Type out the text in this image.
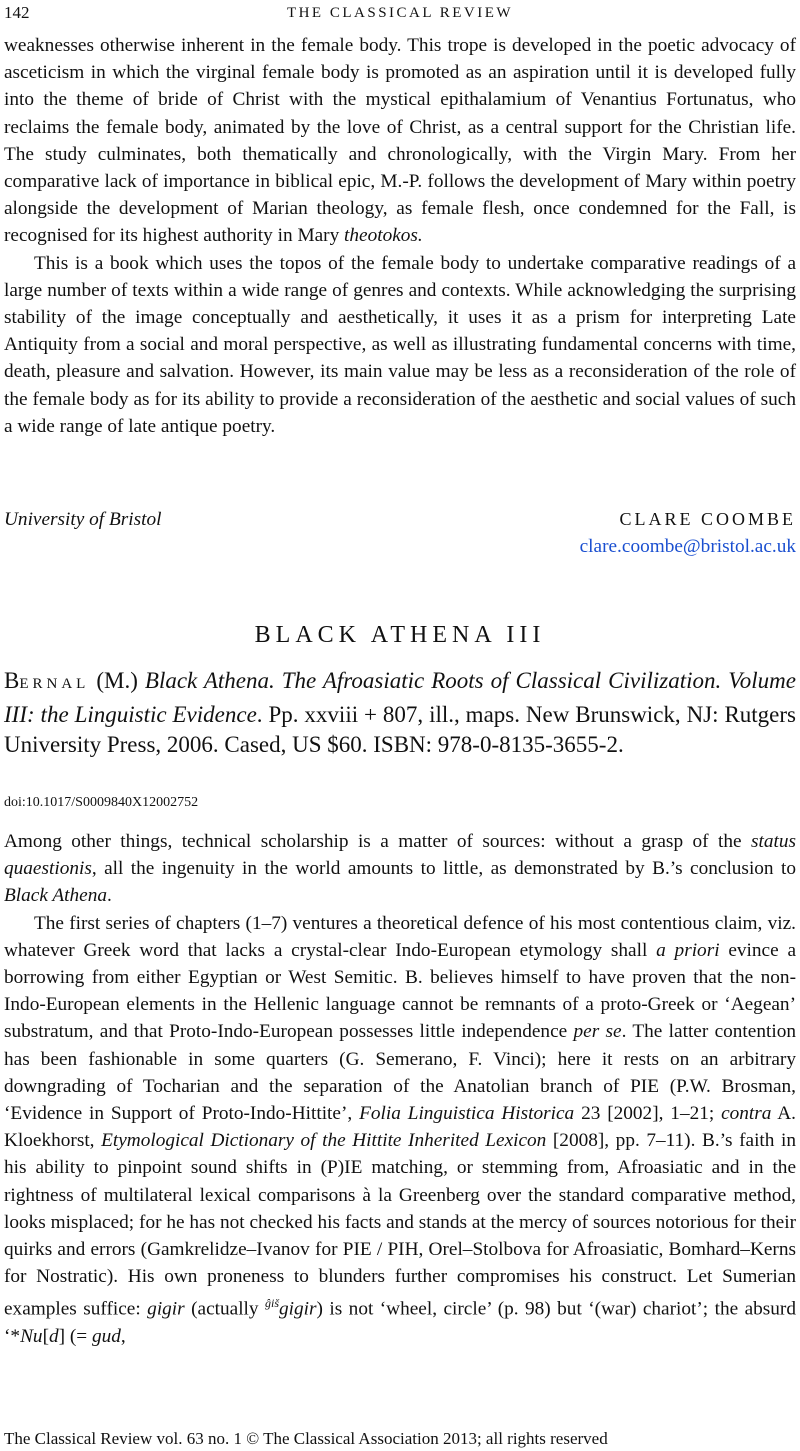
142	THE CLASSICAL REVIEW

weaknesses otherwise inherent in the female body. This trope is developed in the poetic advocacy of asceticism in which the virginal female body is promoted as an aspiration until it is developed fully into the theme of bride of Christ with the mystical epithalamium of Venantius Fortunatus, who reclaims the female body, animated by the love of Christ, as a central support for the Christian life. The study culminates, both thematically and chronologically, with the Virgin Mary. From her comparative lack of importance in biblical epic, M.-P. follows the development of Mary within poetry alongside the development of Marian theology, as female flesh, once condemned for the Fall, is recognised for its highest authority in Mary theotokos.

This is a book which uses the topos of the female body to undertake comparative readings of a large number of texts within a wide range of genres and contexts. While acknowledging the surprising stability of the image conceptually and aesthetically, it uses it as a prism for interpreting Late Antiquity from a social and moral perspective, as well as illustrating fundamental concerns with time, death, pleasure and salvation. However, its main value may be less as a reconsideration of the role of the female body as for its ability to provide a reconsideration of the aesthetic and social values of such a wide range of late antique poetry.

University of Bristol	CLARE COOMBE
clare.coombe@bristol.ac.uk
BLACK ATHENA III

BERNAL (M.) Black Athena. The Afroasiatic Roots of Classical Civilization. Volume III: the Linguistic Evidence. Pp. xxviii + 807, ill., maps. New Brunswick, NJ: Rutgers University Press, 2006. Cased, US $60. ISBN: 978-0-8135-3655-2.

doi:10.1017/S0009840X12002752

Among other things, technical scholarship is a matter of sources: without a grasp of the status quaestionis, all the ingenuity in the world amounts to little, as demonstrated by B.’s conclusion to Black Athena.

The first series of chapters (1–7) ventures a theoretical defence of his most contentious claim, viz. whatever Greek word that lacks a crystal-clear Indo-European etymology shall a priori evince a borrowing from either Egyptian or West Semitic. B. believes himself to have proven that the non-Indo-European elements in the Hellenic language cannot be remnants of a proto-Greek or ‘Aegean’ substratum, and that Proto-Indo-European possesses little independence per se. The latter contention has been fashionable in some quarters (G. Semerano, F. Vinci); here it rests on an arbitrary downgrading of Tocharian and the separation of the Anatolian branch of PIE (P.W. Brosman, ‘Evidence in Support of Proto-Indo-Hittite’, Folia Linguistica Historica 23 [2002], 1–21; contra A. Kloekhorst, Etymological Dictionary of the Hittite Inherited Lexicon [2008], pp. 7–11). B.’s faith in his ability to pinpoint sound shifts in (P)IE matching, or stemming from, Afroasiatic and in the rightness of multilateral lexical comparisons à la Greenberg over the standard comparative method, looks misplaced; for he has not checked his facts and stands at the mercy of sources notorious for their quirks and errors (Gamkrelidze–Ivanov for PIE / PIH, Orel–Stolbova for Afroasiatic, Bomhard–Kerns for Nostratic). His own proneness to blunders further compromises his construct. Let Sumerian examples suffice: gigir (actually $^{ĝiš}$gigir) is not ‘wheel, circle’ (p. 98) but ‘(war) chariot’; the absurd ‘*Nu[d] (= gud,

The Classical Review vol. 63 no. 1 © The Classical Association 2013; all rights reserved
